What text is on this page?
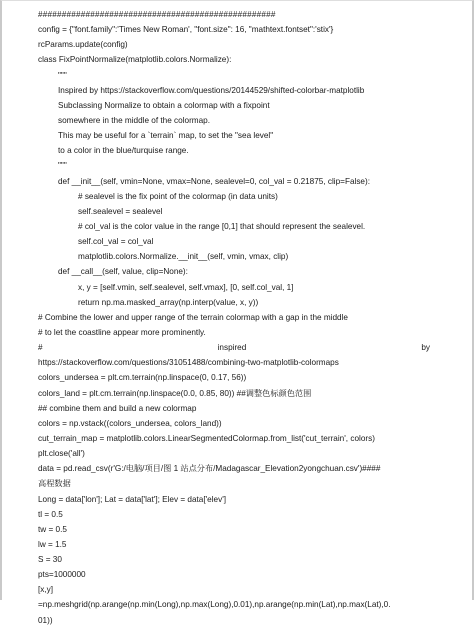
##################################################
config = {"font.family":'Times New Roman', "font.size": 16, "mathtext.fontset":'stix'}
rcParams.update(config)
class FixPointNormalize(matplotlib.colors.Normalize):
"""
Inspired by https://stackoverflow.com/questions/20144529/shifted-colorbar-matplotlib
Subclassing Normalize to obtain a colormap with a fixpoint
somewhere in the middle of the colormap.
This may be useful for a `terrain` map, to set the "sea level"
to a color in the blue/turquise range.
"""
def __init__(self, vmin=None, vmax=None, sealevel=0, col_val = 0.21875, clip=False):
# sealevel is the fix point of the colormap (in data units)
self.sealevel = sealevel
# col_val is the color value in the range [0,1] that should represent the sealevel.
self.col_val = col_val
matplotlib.colors.Normalize.__init__(self, vmin, vmax, clip)
def __call__(self, value, clip=None):
x, y = [self.vmin, self.sealevel, self.vmax], [0, self.col_val, 1]
return np.ma.masked_array(np.interp(value, x, y))
# Combine the lower and upper range of the terrain colormap with a gap in the middle
# to let the coastline appear more prominently.
#	inspired	by
https://stackoverflow.com/questions/31051488/combining-two-matplotlib-colormaps
colors_undersea = plt.cm.terrain(np.linspace(0, 0.17, 56))
colors_land = plt.cm.terrain(np.linspace(0.0, 0.85, 80)) ##调整色标颜色范围
## combine them and build a new colormap
colors = np.vstack((colors_undersea, colors_land))
cut_terrain_map = matplotlib.colors.LinearSegmentedColormap.from_list('cut_terrain', colors)
plt.close('all')
data = pd.read_csv(r'G:/电脑/项目/图 1 站点分布/Madagascar_Elevation2yongchuan.csv')####
高程数据
Long = data['lon']; Lat = data['lat']; Elev = data['elev']
tl = 0.5
tw = 0.5
lw = 1.5
S = 30
pts=1000000
[x,y]
=np.meshgrid(np.arange(np.min(Long),np.max(Long),0.01),np.arange(np.min(Lat),np.max(Lat),0.
01))
